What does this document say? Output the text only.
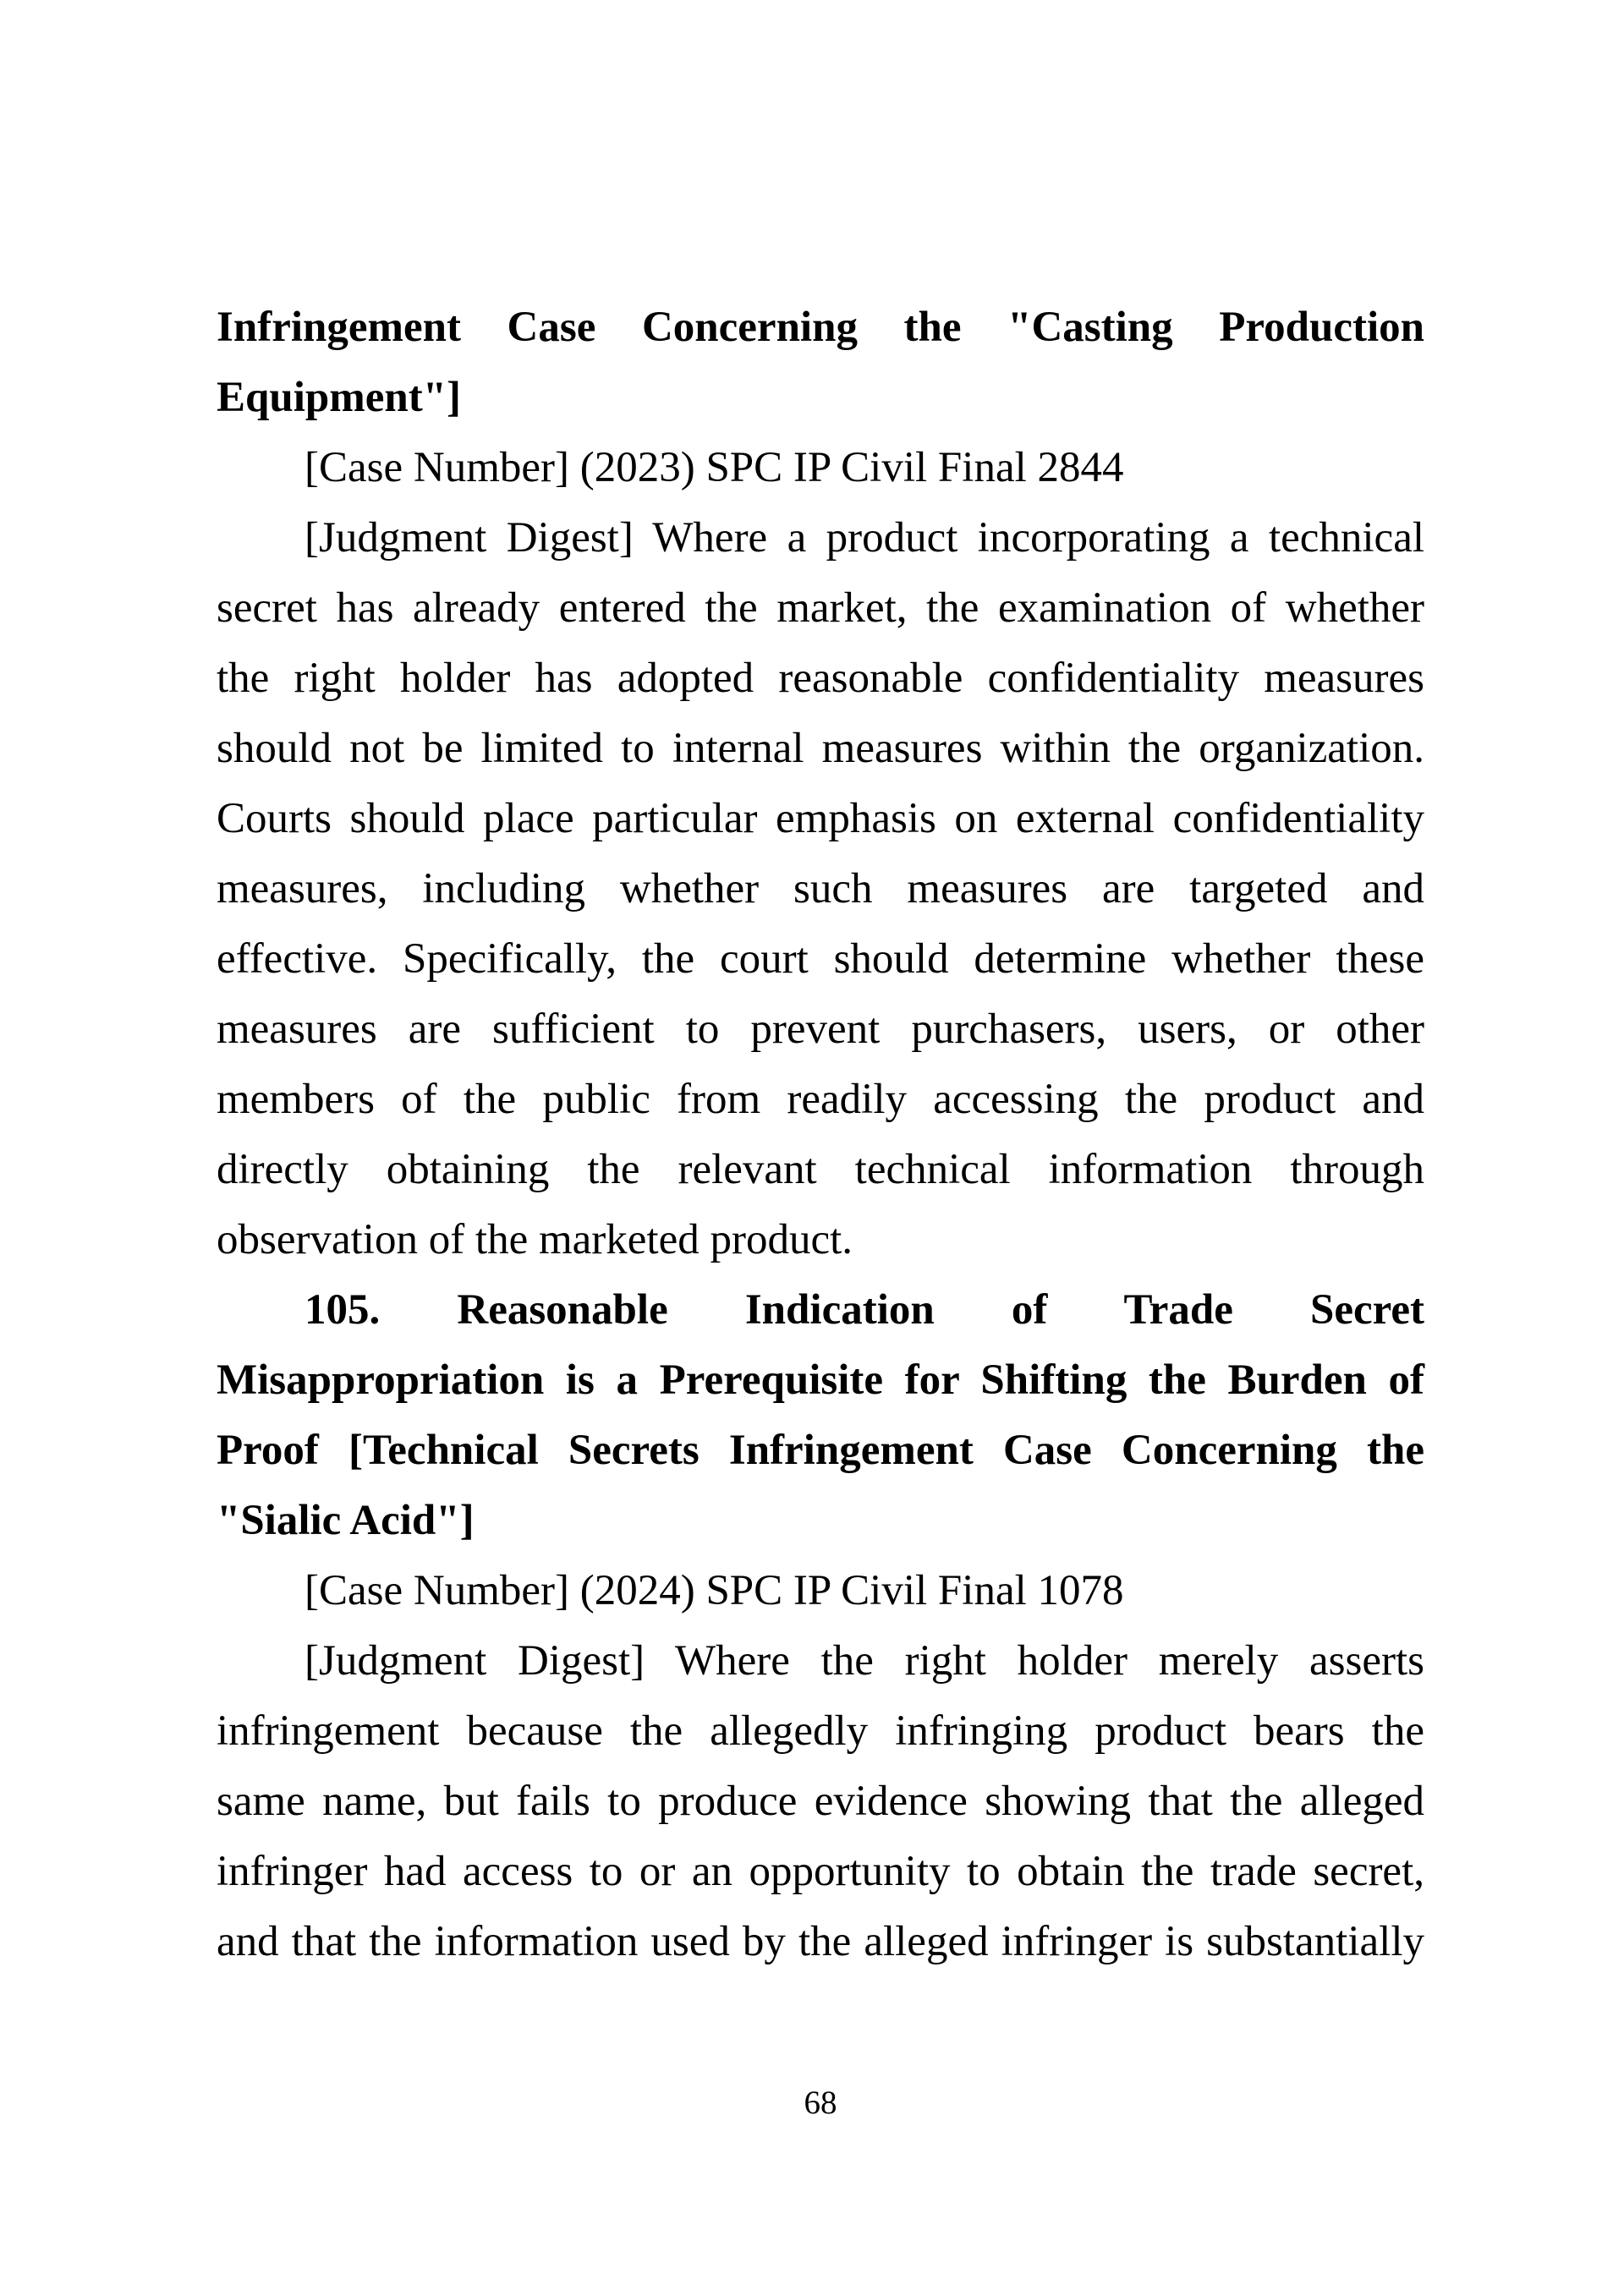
Infringement Case Concerning the "Casting Production
Equipment"]
[Case Number] (2023) SPC IP Civil Final 2844
[Judgment Digest] Where a product incorporating a technical
secret has already entered the market, the examination of whether
the right holder has adopted reasonable confidentiality measures
should not be limited to internal measures within the organization.
Courts should place particular emphasis on external confidentiality
measures, including whether such measures are targeted and
effective. Specifically, the court should determine whether these
measures are sufficient to prevent purchasers, users, or other
members of the public from readily accessing the product and
directly obtaining the relevant technical information through
observation of the marketed product.
105. Reasonable Indication of Trade Secret
Misappropriation is a Prerequisite for Shifting the Burden of
Proof [Technical Secrets Infringement Case Concerning the
"Sialic Acid"]
[Case Number] (2024) SPC IP Civil Final 1078
[Judgment Digest] Where the right holder merely asserts
infringement because the allegedly infringing product bears the
same name, but fails to produce evidence showing that the alleged
infringer had access to or an opportunity to obtain the trade secret,
and that the information used by the alleged infringer is substantially
68
